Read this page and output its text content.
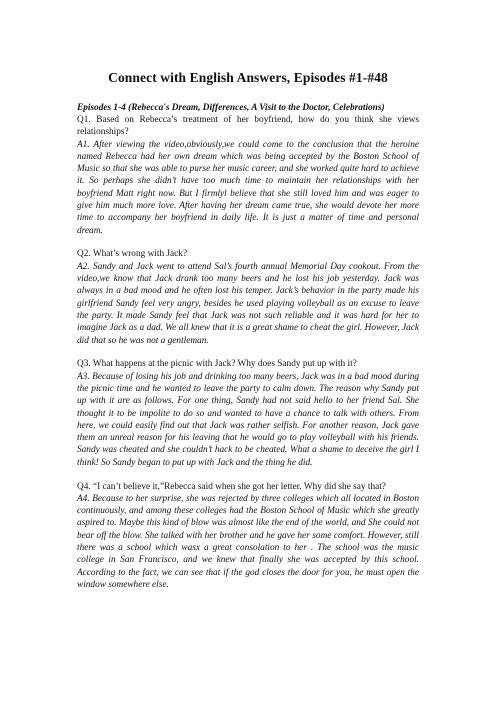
Connect with English Answers, Episodes #1-#48

Episodes 1-4 (Rebecca's Dream, Differences, A Visit to the Doctor, Celebrations)

Q1. Based on Rebecca’s treatment of her boyfriend, how do you think she views relationships?

A1. After viewing the video,obviously,we could come to the conclusion that the heroine named Rebecca had her own dream which was being accepted by the Boston School of Music so that she was able to purse her music career, and she worked quite hard to achieve it. So perhaps she didn’t have too much time to maintain her relationships with her boyfriend Matt right now. But I firmlyl believe that she still loved him and was eager to give him much more love. After having her dream came true, she would devote her more time to accompany her boyfriend in daily life. It is just a matter of time and personal dream.

Q2. What’s wrong with Jack?

A2. Sandy and Jack went to attend Sal’s fourth annual Memorial Day cookout. From the video,we know that Jack drank too many beers and he lost his job yesterday. Jack was always in a bad mood and he often lost his temper. Jack’s behavior in the party made his girlfriend Sandy feel very angry, besides he used playing volleyball as an excuse to leave the party. It made Sandy feel that Jack was not such reliable and it was hard for her to imagine Jack as a dad. We all knew that it is a great shame to cheat the girl. However, Jack did that so he was not a gentleman.

Q3. What happens at the picnic with Jack? Why does Sandy put up with it?

A3. Because of losing his job and drinking too many beers, Jack was in a bad mood during the picnic time and he wanted to leave the party to calm down. The reason why Sandy put up with it are as follows. For one thing, Sandy had not said hello to her friend Sal. She thought it to be impolite to do so and wanted to have a chance to talk with others. From here, we could easily find out that Jack was rather selfish. For another reason, Jack gave them an unreal reason for his leaving that he would go to play volleyball with his friends. Sandy was cheated and she couldn’t hack to be cheated. What a shame to deceive the girl I think! So Sandy began to put up with Jack and the thing he did.

Q4. “I can’t believe it,”Rebecca said when she got her letter. Why did she say that?

A4. Because to her surprise, she was rejected by three colleges which all located in Boston continuously, and among these colleges had the Boston School of Music which she greatly aspired to. Maybe this kind of blow was almost like the end of the world, and She could not bear off the blow. She talked with her brother and he gave her some comfort. However, still there was a school which wasx a great consolation to her . The school was the music college in San Francisco, and we knew that finally she was accepted by this school. According to the fact, we can see that if the god closes the door for you, he must open the window somewhere else.
